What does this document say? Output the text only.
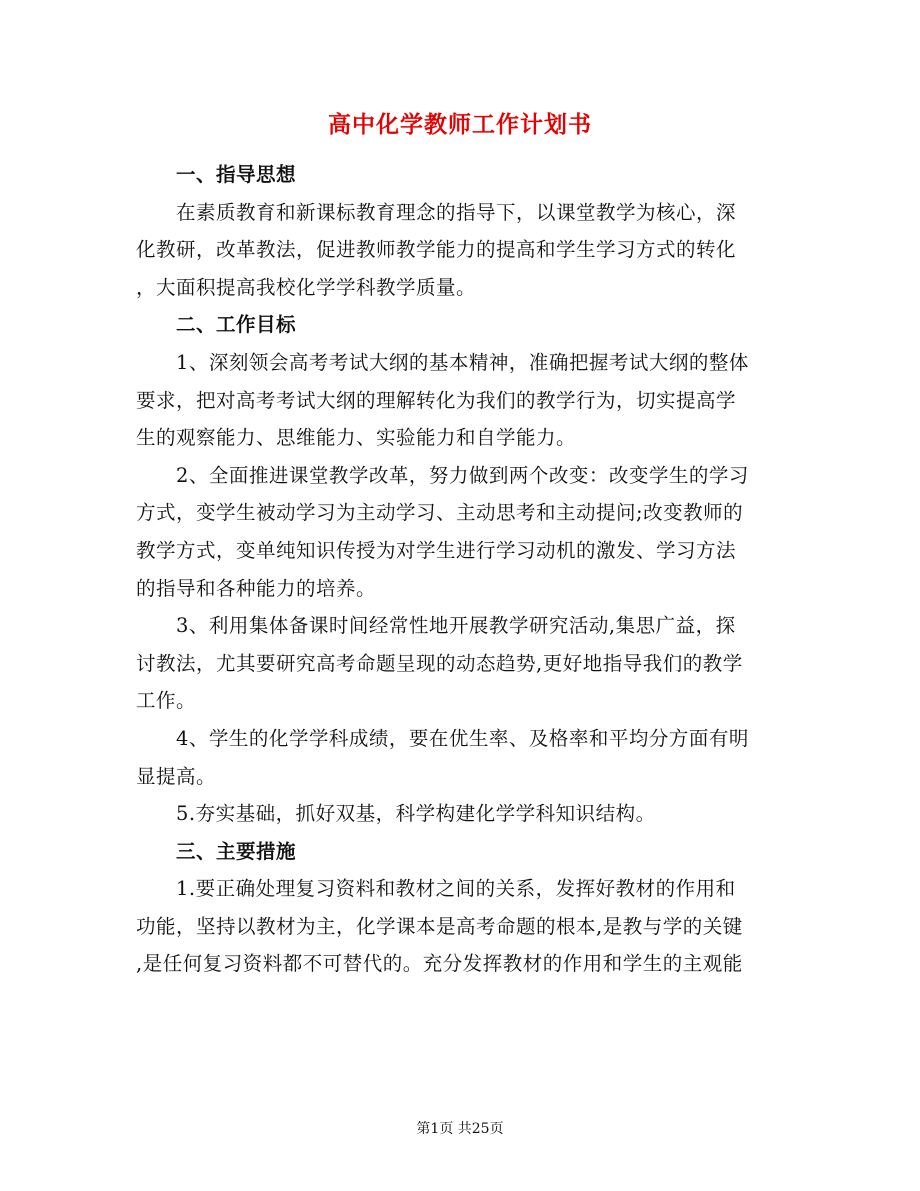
高中化学教师工作计划书
一、指导思想
在素质教育和新课标教育理念的指导下，以课堂教学为核心，深
化教研，改革教法，促进教师教学能力的提高和学生学习方式的转化
，大面积提高我校化学学科教学质量。
二、工作目标
1、深刻领会高考考试大纲的基本精神，准确把握考试大纲的整体
要求，把对高考考试大纲的理解转化为我们的教学行为，切实提高学
生的观察能力、思维能力、实验能力和自学能力。
2、全面推进课堂教学改革，努力做到两个改变：改变学生的学习
方式，变学生被动学习为主动学习、主动思考和主动提问;改变教师的
教学方式，变单纯知识传授为对学生进行学习动机的激发、学习方法
的指导和各种能力的培养。
3、利用集体备课时间经常性地开展教学研究活动,集思广益，探
讨教法，尤其要研究高考命题呈现的动态趋势,更好地指导我们的教学
工作。
4、学生的化学学科成绩，要在优生率、及格率和平均分方面有明
显提高。
5.夯实基础，抓好双基，科学构建化学学科知识结构。
三、主要措施
1.要正确处理复习资料和教材之间的关系，发挥好教材的作用和
功能，坚持以教材为主，化学课本是高考命题的根本,是教与学的关键
,是任何复习资料都不可替代的。充分发挥教材的作用和学生的主观能
第1页 共25页
